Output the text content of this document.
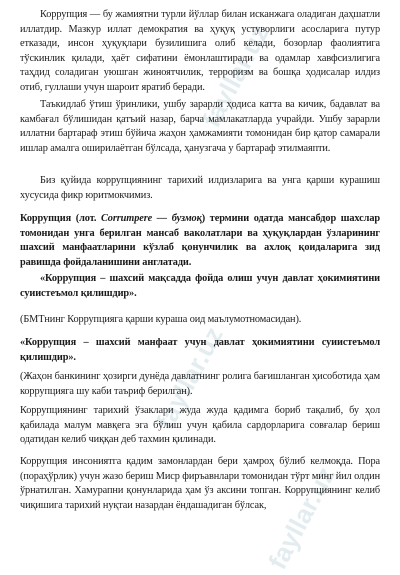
fayllar.uz
fayllar.uz
fayllar.uz

Коррупция — бу жамиятни турли йўллар билан исканжага оладиган даҳшатли иллатдир. Мазкур иллат демократия ва ҳуқуқ устуворлиги асосларига путур етказади, инсон ҳуқуқлари бузилишига олиб келади, бозорлар фаолиятига тўскинлик қилади, ҳаёт сифатини ёмонлаштиради ва одамлар хавфсизлигига таҳдид соладиган уюшган жиноятчилик, терроризм ва бошқа ҳодисалар илдиз отиб, гуллаши учун шароит яратиб беради.

Таъкидлаб ўтиш ўринлики, ушбу зарарли ҳодиса катта ва кичик, бадавлат ва камбағал бўлишидан қатъий назар, барча мамлакатларда учрайди. Ушбу зарарли иллатни бартараф этиш бўйича жаҳон ҳамжамияти томонидан бир қатор самарали ишлар амалга оширилаётган бўлсада, ҳанузгача у бартараф этилмаяпти.

Биз қуйида коррупциянинг тарихий илдизларига ва унга қарши курашиш хусусида фикр юритмокчимиз.

Коррупция (лот. Corrumpere — бузмоқ) термини одатда мансабдор шахслар томонидан унга берилган мансаб ваколатлари ва ҳуқуқлардан ўзларининг шахсий манфаатларини кўзлаб қонунчилик ва ахлоқ қоидаларига зид равишда фойдаланишини англатади.

«Коррупция – шахсий мақсадда фойда олиш учун давлат ҳокимиятини суиистеъмол қилишдир».

(БМТнинг Коррупцияга қарши кураша оид маълумотномасидан).

«Коррупция – шахсий манфаат учун давлат ҳокимиятини суиистеъмол қилишдир».

(Жаҳон банкининг ҳозирги дунёда давлатнинг ролига бағишланган ҳисоботида ҳам коррупцияга шу каби таъриф берилган).

Коррупциянинг тарихий ўзаклари жуда жуда қадимга бориб тақалиб, бу ҳол қабилада малум мавқега эга бўлиш учун қабила сардорларига совғалар бериш одатидан келиб чиққан деб тахмин қилинади.

Коррупция инсониятга қадим замонлардан бери ҳамроҳ бўлиб келмоқда. Пора (пораҳўрлик) учун жазо бериш Миср фиръавнлари томонидан тўрт минг йил олдин ўрнатилган. Хамурапни қонунларида ҳам ўз аксини топган. Коррупциянинг келиб чиқишига тарихий нуқтаи назардан ёндашадиган бўлсак,
